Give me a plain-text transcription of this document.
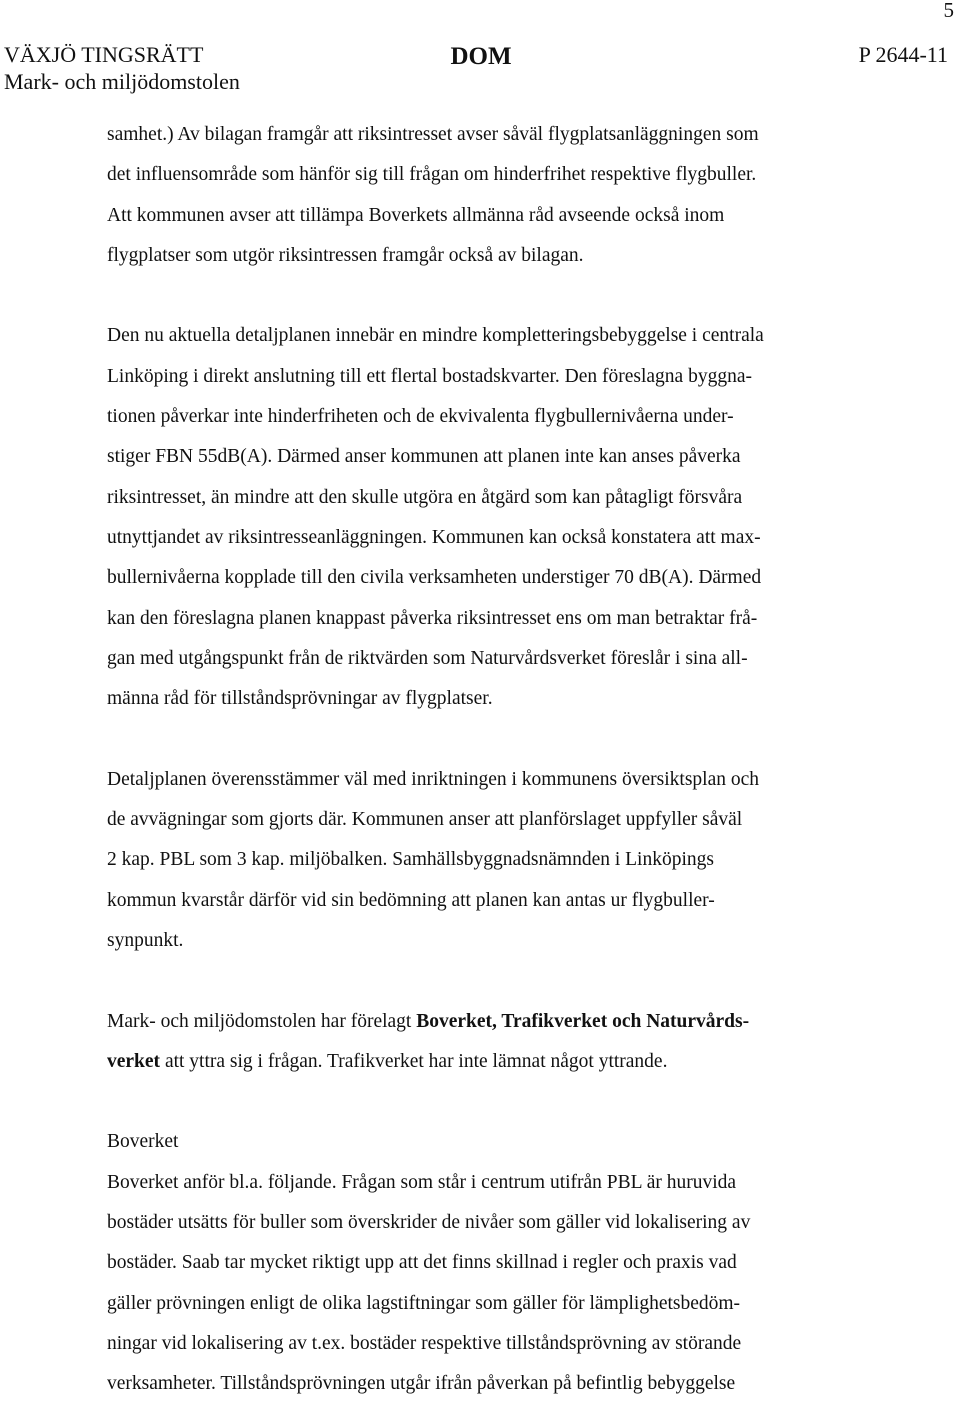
5
VÄXJÖ TINGSRÄTT
Mark- och miljödomstolen
DOM	P 2644-11

samhet.) Av bilagan framgår att riksintresset avser såväl flygplatsanläggningen som
det influensområde som hänför sig till frågan om hinderfrihet respektive flygbuller.
Att kommunen avser att tillämpa Boverkets allmänna råd avseende också inom
flygplatser som utgör riksintressen framgår också av bilagan.

Den nu aktuella detaljplanen innebär en mindre kompletteringsbebyggelse i centrala
Linköping i direkt anslutning till ett flertal bostadskvarter. Den föreslagna byggna-
tionen påverkar inte hinderfriheten och de ekvivalenta flygbullernivåerna under-
stiger FBN 55dB(A). Därmed anser kommunen att planen inte kan anses påverka
riksintresset, än mindre att den skulle utgöra en åtgärd som kan påtagligt försvåra
utnyttjandet av riksintresseanläggningen. Kommunen kan också konstatera att max-
bullernivåerna kopplade till den civila verksamheten understiger 70 dB(A). Därmed
kan den föreslagna planen knappast påverka riksintresset ens om man betraktar frå-
gan med utgångspunkt från de riktvärden som Naturvårdsverket föreslår i sina all-
männa råd för tillståndsprövningar av flygplatser.

Detaljplanen överensstämmer väl med inriktningen i kommunens översiktsplan och
de avvägningar som gjorts där. Kommunen anser att planförslaget uppfyller såväl
2 kap. PBL som 3 kap. miljöbalken. Samhällsbyggnadsnämnden i Linköpings
kommun kvarstår därför vid sin bedömning att planen kan antas ur flygbuller-
synpunkt.

Mark- och miljödomstolen har förelagt Boverket, Trafikverket och Naturvårds-
verket att yttra sig i frågan. Trafikverket har inte lämnat något yttrande.

Boverket
Boverket anför bl.a. följande. Frågan som står i centrum utifrån PBL är huruvida
bostäder utsätts för buller som överskrider de nivåer som gäller vid lokalisering av
bostäder. Saab tar mycket riktigt upp att det finns skillnad i regler och praxis vad
gäller prövningen enligt de olika lagstiftningar som gäller för lämplighetsbedöm-
ningar vid lokalisering av t.ex. bostäder respektive tillståndsprövning av störande
verksamheter. Tillståndsprövningen utgår ifrån påverkan på befintlig bebyggelse
